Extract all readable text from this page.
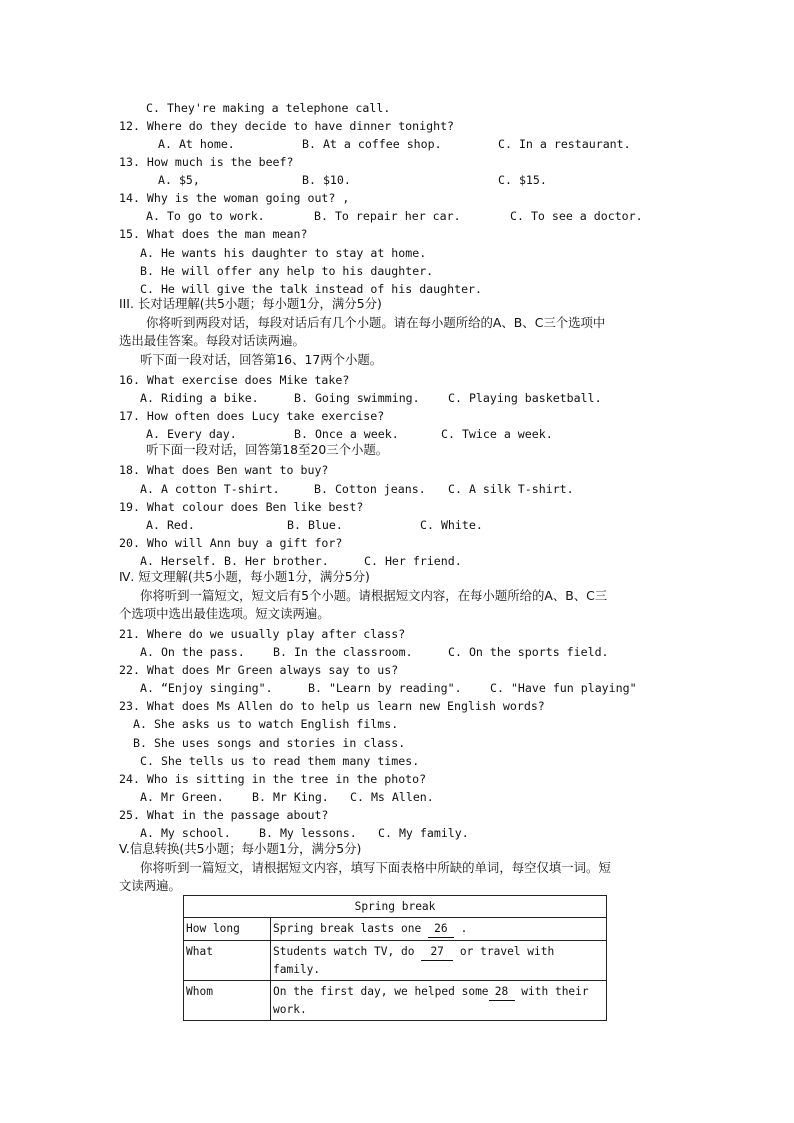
C. They're making a telephone call.
12. Where do they decide to have dinner tonight?
A. At home.	B. At a coffee shop.	C. In a restaurant.
13. How much is the beef?
A. $5,	B. $10.	C. $15.
14. Why is the woman going out? ,
A. To go to work.	B. To repair her car.	C. To see a doctor.
15. What does the man mean?
A. He wants his daughter to stay at home.
B. He will offer any help to his daughter.
C. He will give the talk instead of his daughter.
III. 长对话理解(共5小题；每小题1分，满分5分)
你将听到两段对话，每段对话后有几个小题。请在每小题所给的A、B、C三个选项中
选出最佳答案。每段对话读两遍。
听下面一段对话，回答第16、17两个小题。
16. What exercise does Mike take?
A. Riding a bike.	B. Going swimming. C. Playing basketball.
17. How often does Lucy take exercise?
A. Every day.	B. Once a week.	C. Twice a week.
听下面一段对话，回答第18至20三个小题。
18. What does Ben want to buy?
A. A cotton T-shirt.	B. Cotton jeans. C. A silk T-shirt.
19. What colour does Ben like best?
A. Red.	B. Blue.	C. White.
20. Who will Ann buy a gift for?
A. Herself. B. Her brother.	C. Her friend.
Ⅳ. 短文理解(共5小题，每小题1分，满分5分)
你将听到一篇短文，短文后有5个小题。请根据短文内容，在每小题所给的A、B、C三
个选项中选出最佳选项。短文读两遍。
21. Where do we usually play after class?
A. On the pass. B. In the classroom.	C. On the sports field.
22. What does Mr Green always say to us?
A. “Enjoy singing".	B. "Learn by reading". C. "Have fun playing"
23. What does Ms Allen do to help us learn new English words?
A. She asks us to watch English films.
B. She uses songs and stories in class.
C. She tells us to read them many times.
24. Who is sitting in the tree in the photo?
A. Mr Green. B. Mr King. C. Ms Allen.
25. What in the passage about?
A. My school. B. My lessons. C. My family.
V.信息转换(共5小题；每小题1分，满分5分)
你将听到一篇短文，请根据短文内容，填写下面表格中所缺的单词，每空仅填一词。短
文读两遍。
Spring break	
How long	Spring break lasts one 26 .
What	Students watch TV, do 27 or travel with family.
Whom	On the first day, we helped some 28 with their work.
